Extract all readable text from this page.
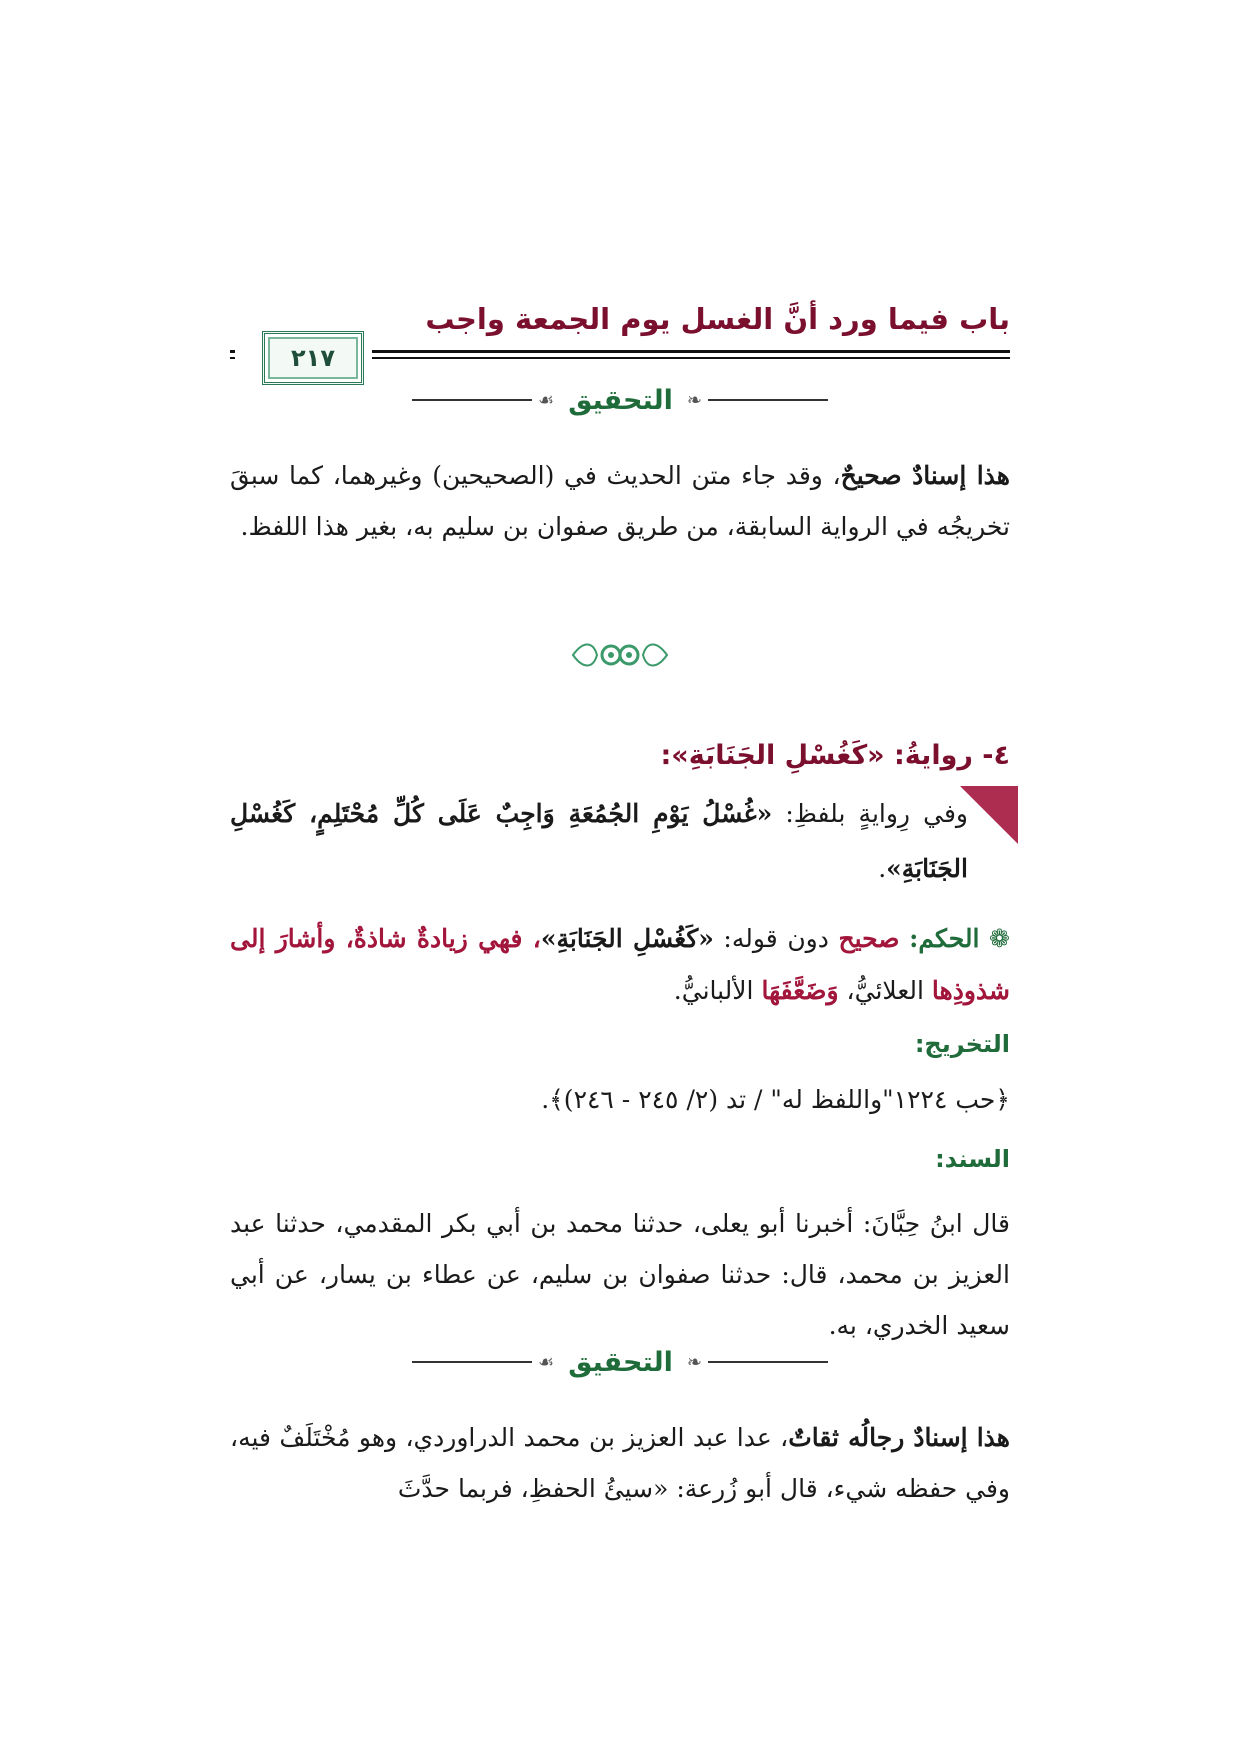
باب فيما ورد أنَّ الغسل يوم الجمعة واجب
٢١٧
❧
التحقيق
☙
هذا إسنادٌ صحيحٌ، وقد جاء متن الحديث في (الصحيحين) وغيرهما، كما سبقَ تخريجُه في الرواية السابقة، من طريق صفوان بن سليم به، بغير هذا اللفظ.
٤- روايةُ: «كَغُسْلِ الجَنَابَةِ»:
وفي رِوايةٍ بلفظِ: «غُسْلُ يَوْمِ الجُمُعَةِ وَاجِبٌ عَلَى كُلِّ مُحْتَلِمٍ، كَغُسْلِ الجَنَابَةِ».
❁ الحكم: صحيح دون قوله: «كَغُسْلِ الجَنَابَةِ»، فهي زيادةٌ شاذةٌ، وأشارَ إلى شذوذِها العلائيُّ، وَضَعَّفَهَا الألبانيُّ.
التخريج:
﴿حب ١٢٢٤"واللفظ له" / تد (٢/ ٢٤٥ - ٢٤٦)﴾.
السند:
قال ابنُ حِبَّانَ: أخبرنا أبو يعلى، حدثنا محمد بن أبي بكر المقدمي، حدثنا عبد العزيز بن محمد، قال: حدثنا صفوان بن سليم، عن عطاء بن يسار، عن أبي سعيد الخدري، به.
❧
التحقيق
☙
هذا إسنادٌ رجالُه ثقاتٌ، عدا عبد العزيز بن محمد الدراوردي، وهو مُخْتَلَفٌ فيه، وفي حفظه شيء، قال أبو زُرعة: «سيئُ الحفظِ، فربما حدَّثَ
